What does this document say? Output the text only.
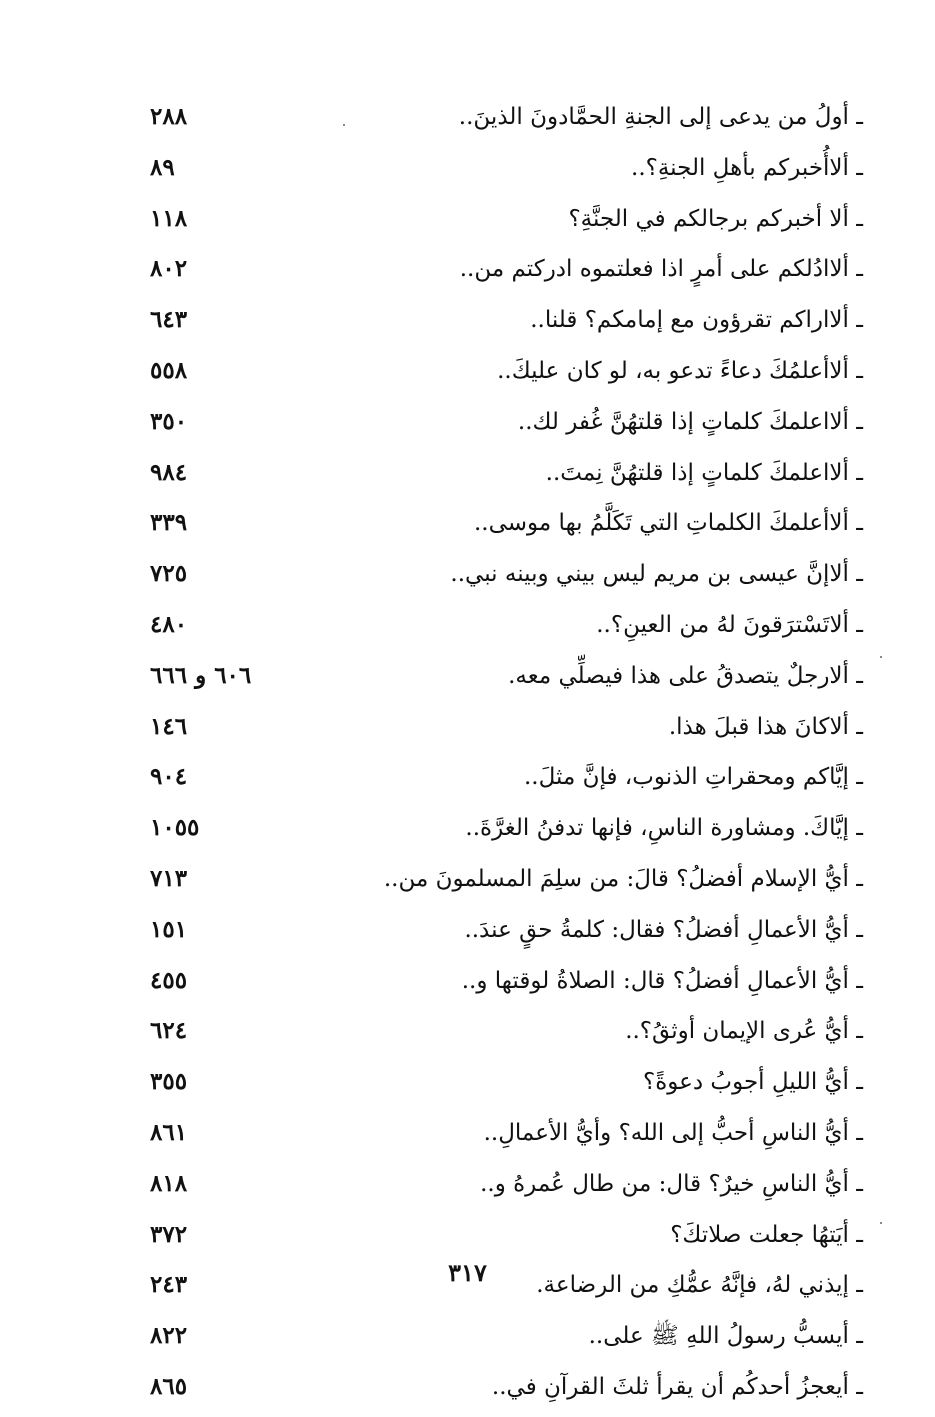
ـ أولُ من يدعى إلى الجنةِ الحمَّادونَ الذينَ..
٢٨٨
ـ ألاأُخبركم بأهلِ الجنةِ؟..
٨٩
ـ ألا أخبركم برجالكم في الجنَّةِ؟
١١٨
ـ ألاادُلكم على أمرٍ اذا فعلتموه ادركتم من..
٨٠٢
ـ ألااراكم تقرؤون مع إمامكم؟ قلنا..
٦٤٣
ـ ألاأعلمُكَ دعاءً تدعو به، لو كان عليكَ..
٥٥٨
ـ ألااعلمكَ كلماتٍ إذا قلتهُنَّ غُفر لك..
٣٥٠
ـ ألااعلمكَ كلماتٍ إذا قلتهُنَّ نِمتَ..
٩٨٤
ـ ألاأعلمكَ الكلماتِ التي تَكَلَّمُ بها موسى..
٣٣٩
ـ ألاإنَّ عيسى بن مريم ليس بيني وبينه نبي..
٧٢٥
ـ ألاتَسْترَقونَ لهُ من العينِ؟..
٤٨٠
ـ ألارجلٌ يتصدقُ على هذا فيصلِّي معه.
٦٠٦ و ٦٦٦
ـ ألاكانَ هذا قبلَ هذا.
١٤٦
ـ إيَّاكم ومحقراتِ الذنوب، فإنَّ مثلَ..
٩٠٤
ـ إيَّاكَ. ومشاورة الناسِ، فإنها تدفنُ الغرَّةَ..
١٠٥٥
ـ أيُّ الإسلام أفضلُ؟ قالَ: من سلِمَ المسلمونَ من..
٧١٣
ـ أيُّ الأعمالِ أفضلُ؟ فقال: كلمةُ حقٍ عندَ..
١٥١
ـ أيُّ الأعمالِ أفضلُ؟ قال: الصلاةُ لوقتها و..
٤٥٥
ـ أيُّ عُرى الإيمان أوثقُ؟..
٦٢٤
ـ أيُّ الليلِ أجوبُ دعوةً؟
٣٥٥
ـ أيُّ الناسِ أحبُّ إلى الله؟ وأيُّ الأعمالِ..
٨٦١
ـ أيُّ الناسِ خيرٌ؟ قال: من طال عُمرهُ و..
٨١٨
ـ أيَتهُا جعلت صلاتكَ؟
٣٧٢
ـ إيذني لهُ، فإنَّهُ عمُّكِ من الرضاعة.
٢٤٣
ـ أيسبُّ رسولُ اللهِ ﷺ على..
٨٢٢
ـ أيعجزُ أحدكُم أن يقرأ ثلثَ القرآنِ في..
٨٦٥
٣١٧
